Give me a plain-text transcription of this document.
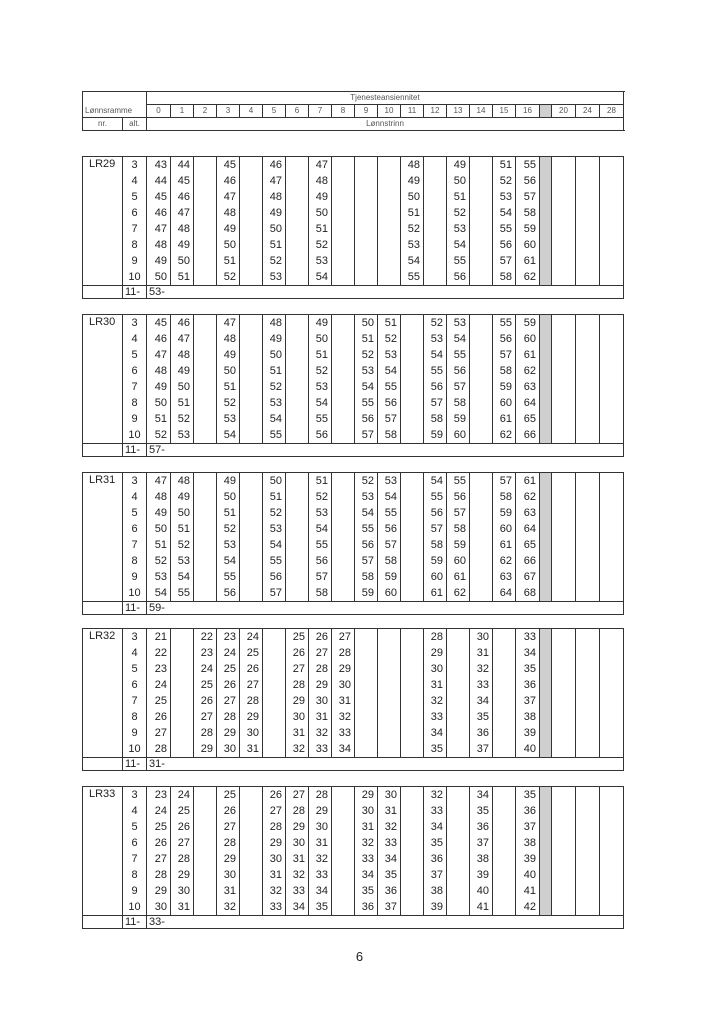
		Tjenesteansiennitet																				
Lønnsramme		0	1	2	3	4	5	6	7	8	9	10	11	12	13	14	15	16		20	24	28
nr.	alt.	Lønnstrinn																				
LR29	3	43	44		45		46		47				48		49		51	55				
	4	44	45		46		47		48				49		50		52	56				
	5	45	46		47		48		49				50		51		53	57				
	6	46	47		48		49		50				51		52		54	58				
	7	47	48		49		50		51				52		53		55	59				
	8	48	49		50		51		52				53		54		56	60				
	9	49	50		51		52		53				54		55		57	61				
	10	50	51		52		53		54				55		56		58	62				
	11-	53-																				
LR30	3	45	46		47		48		49		50	51		52	53		55	59				
	4	46	47		48		49		50		51	52		53	54		56	60				
	5	47	48		49		50		51		52	53		54	55		57	61				
	6	48	49		50		51		52		53	54		55	56		58	62				
	7	49	50		51		52		53		54	55		56	57		59	63				
	8	50	51		52		53		54		55	56		57	58		60	64				
	9	51	52		53		54		55		56	57		58	59		61	65				
	10	52	53		54		55		56		57	58		59	60		62	66				
	11-	57-																				
LR31	3	47	48		49		50		51		52	53		54	55		57	61				
	4	48	49		50		51		52		53	54		55	56		58	62				
	5	49	50		51		52		53		54	55		56	57		59	63				
	6	50	51		52		53		54		55	56		57	58		60	64				
	7	51	52		53		54		55		56	57		58	59		61	65				
	8	52	53		54		55		56		57	58		59	60		62	66				
	9	53	54		55		56		57		58	59		60	61		63	67				
	10	54	55		56		57		58		59	60		61	62		64	68				
	11-	59-																				
LR32	3	21		22	23	24		25	26	27				28		30		33				
	4	22		23	24	25		26	27	28				29		31		34				
	5	23		24	25	26		27	28	29				30		32		35				
	6	24		25	26	27		28	29	30				31		33		36				
	7	25		26	27	28		29	30	31				32		34		37				
	8	26		27	28	29		30	31	32				33		35		38				
	9	27		28	29	30		31	32	33				34		36		39				
	10	28		29	30	31		32	33	34				35		37		40				
	11-	31-																				
LR33	3	23	24		25		26	27	28		29	30		32		34		35				
	4	24	25		26		27	28	29		30	31		33		35		36				
	5	25	26		27		28	29	30		31	32		34		36		37				
	6	26	27		28		29	30	31		32	33		35		37		38				
	7	27	28		29		30	31	32		33	34		36		38		39				
	8	28	29		30		31	32	33		34	35		37		39		40				
	9	29	30		31		32	33	34		35	36		38		40		41				
	10	30	31		32		33	34	35		36	37		39		41		42				
	11-	33-																				
6
